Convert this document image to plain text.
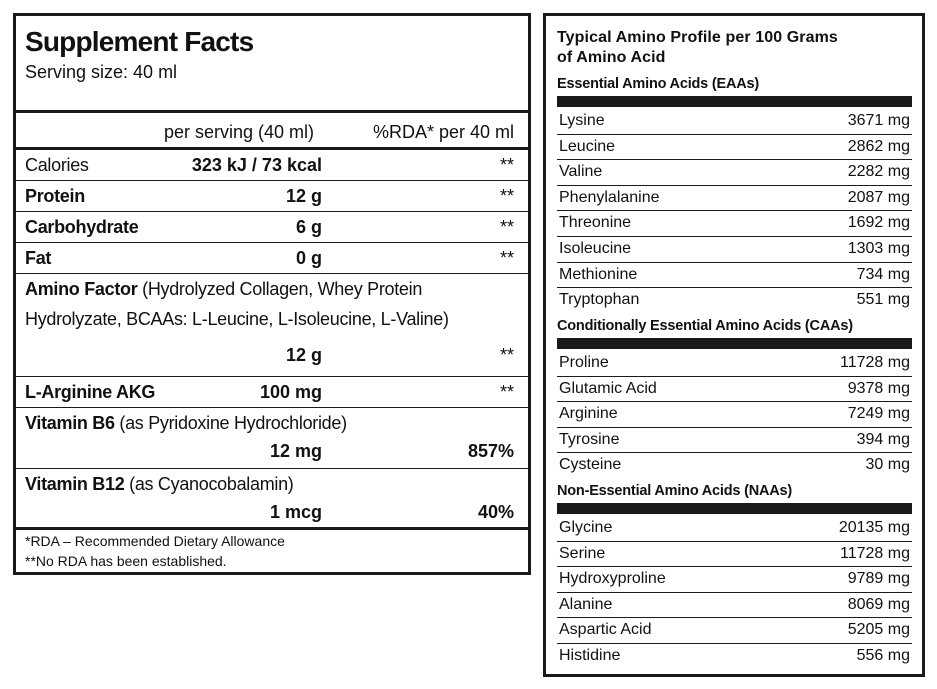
Supplement Facts
Serving size: 40 ml
per serving (40 ml)	%RDA* per 40 ml
Calories	323 kJ / 73 kcal	**
Protein	12 g	**
Carbohydrate	6 g	**
Fat	0 g	**
Amino Factor (Hydrolyzed Collagen, Whey Protein
Hydrolyzate, BCAAs: L-Leucine, L-Isoleucine, L-Valine)
12 g	**
L-Arginine AKG	100 mg	**
Vitamin B6 (as Pyridoxine Hydrochloride)
12 mg	857%
Vitamin B12 (as Cyanocobalamin)
1 mcg	40%
*RDA – Recommended Dietary Allowance
**No RDA has been established.
Typical Amino Profile per 100 Grams
of Amino Acid
Essential Amino Acids (EAAs)
Lysine	3671 mg
Leucine	2862 mg
Valine	2282 mg
Phenylalanine	2087 mg
Threonine	1692 mg
Isoleucine	1303 mg
Methionine	734 mg
Tryptophan	551 mg
Conditionally Essential Amino Acids (CAAs)
Proline	11728 mg
Glutamic Acid	9378 mg
Arginine	7249 mg
Tyrosine	394 mg
Cysteine	30 mg
Non-Essential Amino Acids (NAAs)
Glycine	20135 mg
Serine	11728 mg
Hydroxyproline	9789 mg
Alanine	8069 mg
Aspartic Acid	5205 mg
Histidine	556 mg
